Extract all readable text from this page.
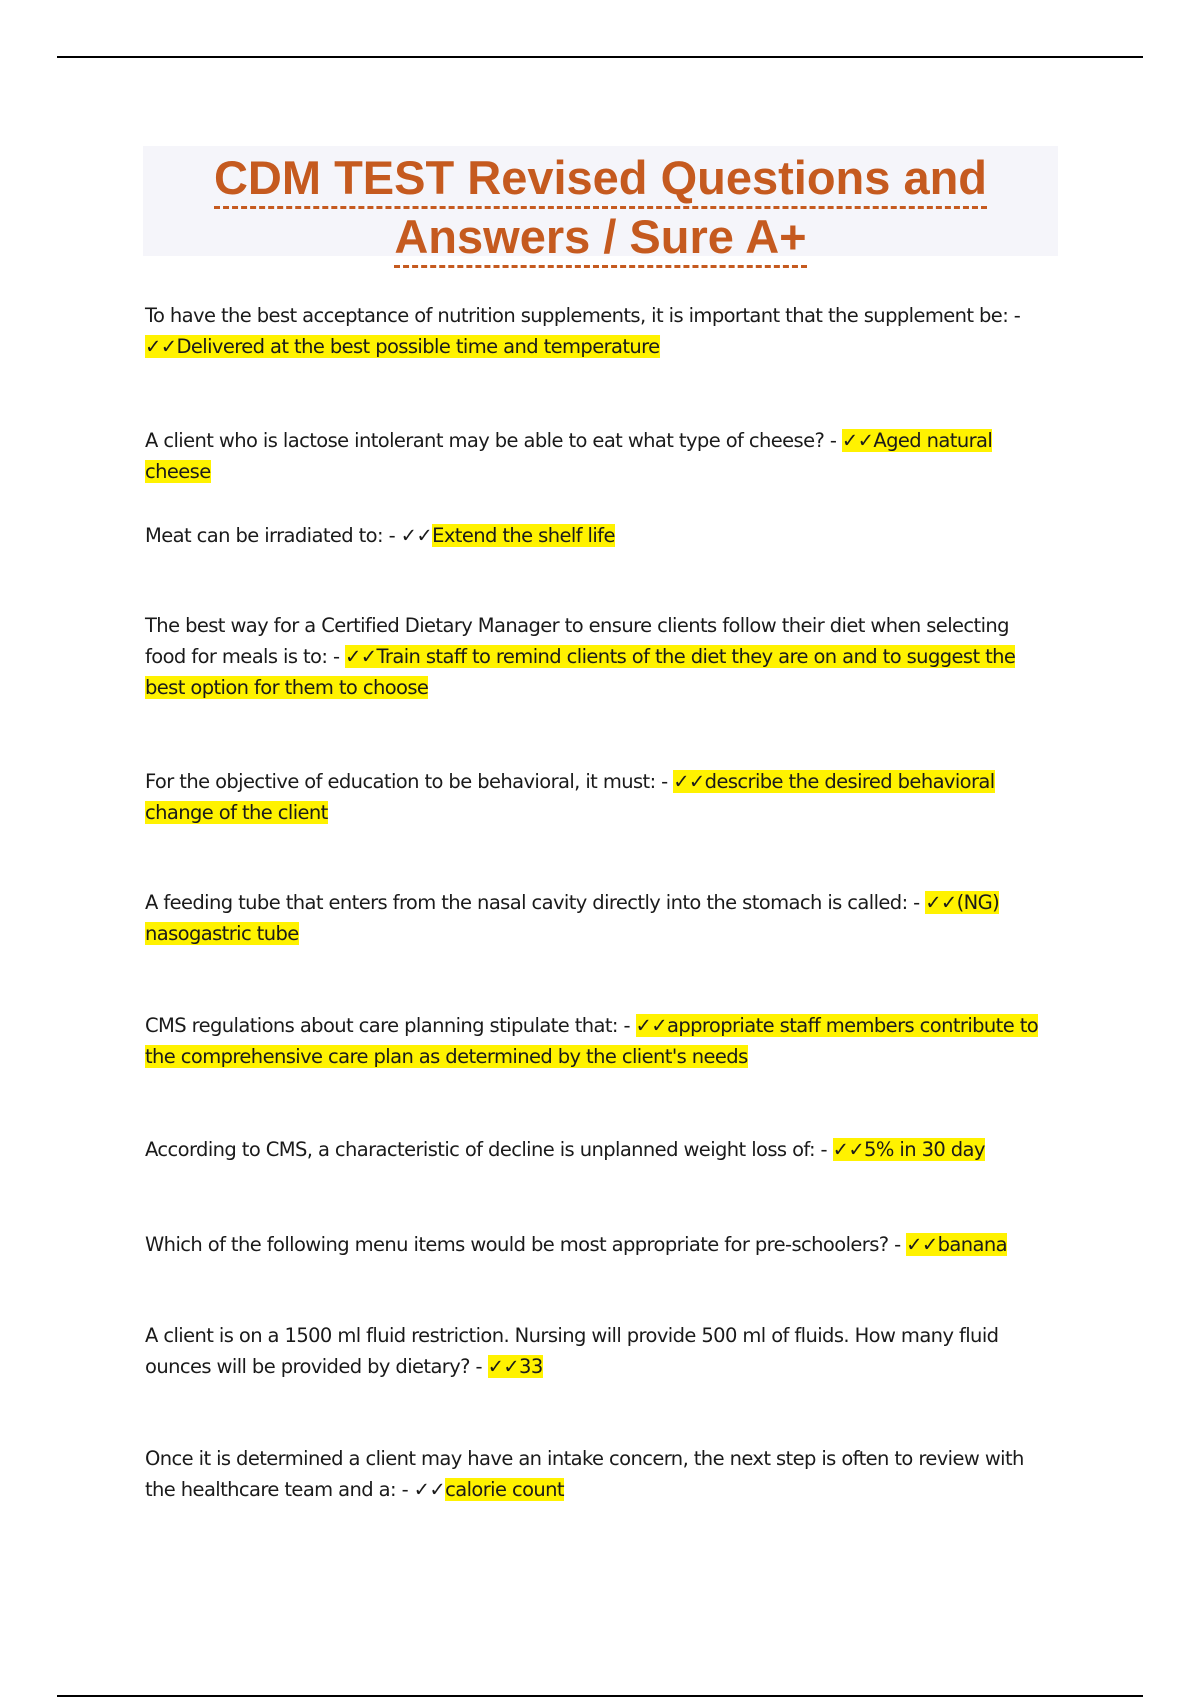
CDM TEST Revised Questions and
Answers / Sure A+
To have the best acceptance of nutrition supplements, it is important that the supplement be: - ✓✓Delivered at the best possible time and temperature
A client who is lactose intolerant may be able to eat what type of cheese? - ✓✓Aged natural cheese
Meat can be irradiated to: - ✓✓Extend the shelf life
The best way for a Certified Dietary Manager to ensure clients follow their diet when selecting food for meals is to: - ✓✓Train staff to remind clients of the diet they are on and to suggest the best option for them to choose
For the objective of education to be behavioral, it must: - ✓✓describe the desired behavioral change of the client
A feeding tube that enters from the nasal cavity directly into the stomach is called: - ✓✓(NG) nasogastric tube
CMS regulations about care planning stipulate that: - ✓✓appropriate staff members contribute to the comprehensive care plan as determined by the client's needs
According to CMS, a characteristic of decline is unplanned weight loss of: - ✓✓5% in 30 day
Which of the following menu items would be most appropriate for pre-schoolers? - ✓✓banana
A client is on a 1500 ml fluid restriction. Nursing will provide 500 ml of fluids. How many fluid ounces will be provided by dietary? - ✓✓33
Once it is determined a client may have an intake concern, the next step is often to review with the healthcare team and a: - ✓✓calorie count
